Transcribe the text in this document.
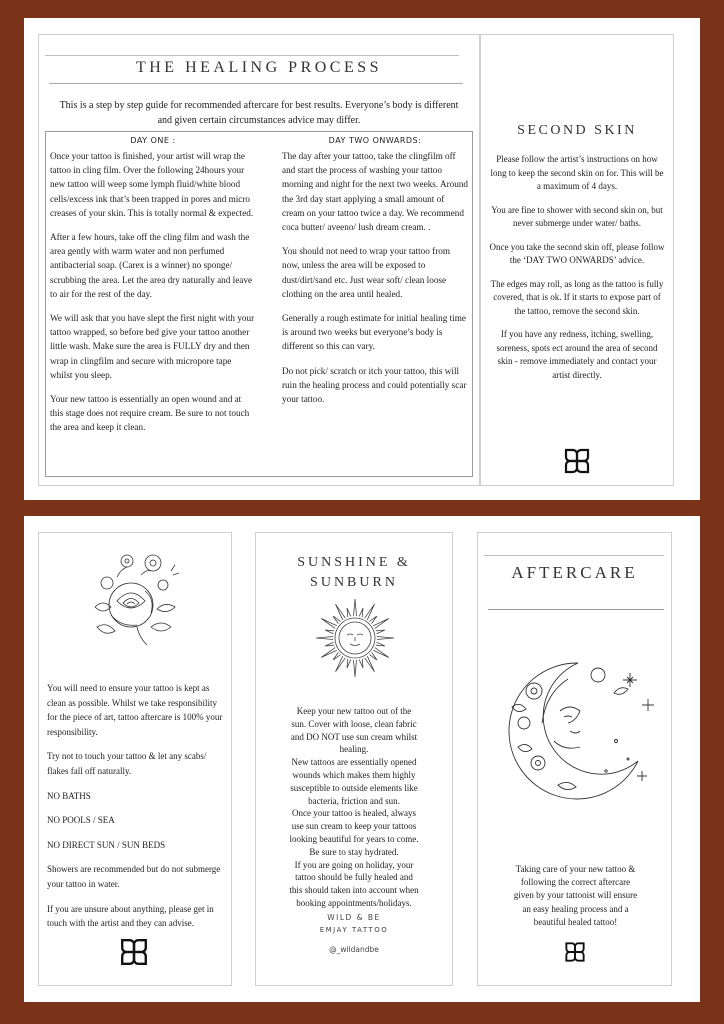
THE HEALING PROCESS
This is a step by step guide for recommended aftercare for best results. Everyone’s body is different and given certain circumstances advice may differ.
DAY ONE :

Once your tattoo is finished, your artist will wrap the tattoo in cling film. Over the following 24hours your new tattoo will weep some lymph fluid/white blood cells/excess ink that’s been trapped in pores and micro creases of your skin. This is totally normal & expected.

After a few hours, take off the cling film and wash the area gently with warm water and non perfumed antibacterial soap. (Carex is a winner) no sponge/ scrubbing the area. Let the area dry naturally and leave to air for the rest of the day.

We will ask that you have slept the first night with your tattoo wrapped, so before bed give your tattoo another little wash. Make sure the area is FULLY dry and then wrap in clingfilm and secure with micropore tape whilst you sleep.

Your new tattoo is essentially an open wound and at this stage does not require cream. Be sure to not touch the area and keep it clean.

DAY TWO ONWARDS:

The day after your tattoo, take the clingfilm off and start the process of washing your tattoo morning and night for the next two weeks. Around the 3rd day start applying a small amount of cream on your tattoo twice a day. We recommend coca butter/ aveeno/ lush dream cream. .

You should not need to wrap your tattoo from now, unless the area will be exposed to dust/dirt/sand etc. Just wear soft/ clean loose clothing on the area until healed.

Generally a rough estimate for initial healing time is around two weeks but everyone’s body is different so this can vary.

Do not pick/ scratch or itch your tattoo, this will ruin the healing process and could potentially scar your tattoo.

SECOND SKIN

Please follow the artist’s instructions on how long to keep the second skin on for. This will be a maximum of 4 days.

You are fine to shower with second skin on, but never submerge under water/ baths.

Once you take the second skin off, please follow the ‘DAY TWO ONWARDS’ advice.

The edges may roll, as long as the tattoo is fully covered, that is ok. If it starts to expose part of the tattoo, remove the second skin.

If you have any redness, itching, swelling, soreness, spots ect around the area of second skin - remove immediately and contact your artist directly.

You will need to ensure your tattoo is kept as clean as possible. Whilst we take responsibility for the piece of art, tattoo aftercare is 100% your responsibility.

Try not to touch your tattoo & let any scabs/ flakes fall off naturally.

NO BATHS

NO POOLS / SEA

NO DIRECT SUN / SUN BEDS

Showers are recommended but do not submerge your tattoo in water.

If you are unsure about anything, please get in touch with the artist and they can advise.

SUNSHINE &
SUNBURN
Keep your new tattoo out of the
sun. Cover with loose, clean fabric
and DO NOT use sun cream whilst
healing.
New tattoos are essentially opened
wounds which makes them highly
susceptible to outside elements like
bacteria, friction and sun.
Once your tattoo is healed, always
use sun cream to keep your tattoos
looking beautiful for years to come.
Be sure to stay hydrated.
If you are going on holiday, your
tattoo should be fully healed and
this should taken into account when
booking appointments/holidays.
WILD & BE
EMJAY TATTOO
@_wildandbe
AFTERCARE
Taking care of your new tattoo &
following the correct aftercare
given by your tattooist will ensure
an easy healing process and a
beautiful healed tattoo!
